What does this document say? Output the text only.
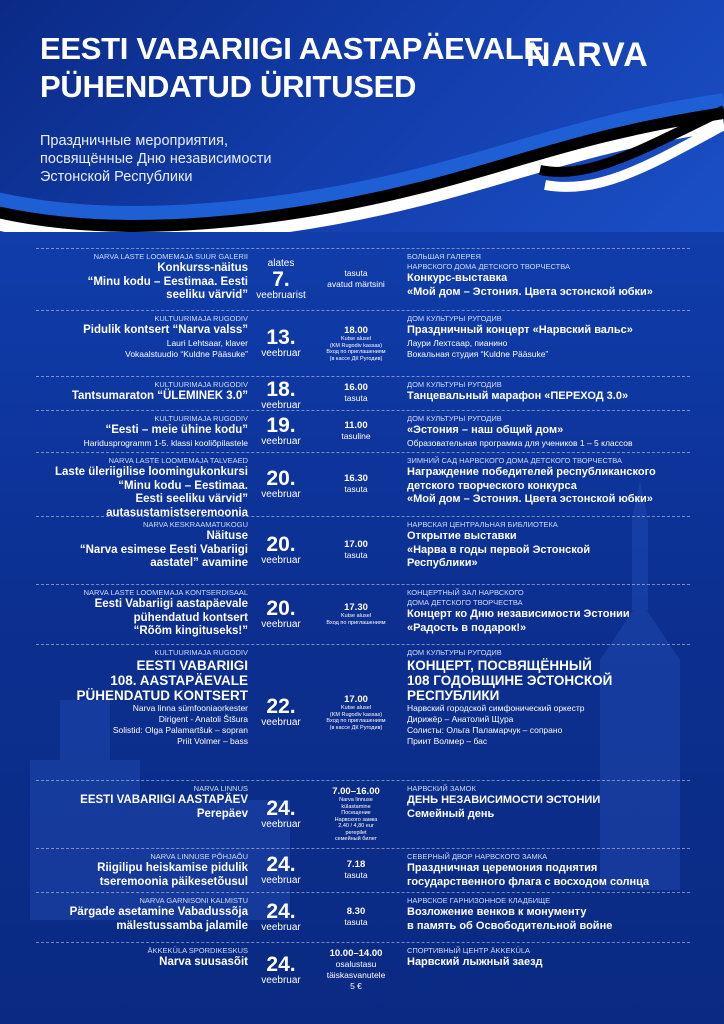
EESTI VABARIIGI AASTAPÄEVALE
PÜHENDATUD ÜRITUSED
Праздничные мероприятия,
посвящённые Дню независимости
Эстонской Республики
NARVA
NARVA LASTE LOOMEMAJA SUUR GALERII
Konkurss-näitus
“Minu kodu – Eestimaa. Eesti
seeliku värvid”
alates
7.
veebruarist
tasuta
avatud märtsini
БОЛЬШАЯ ГАЛЕРЕЯ
НАРВСКОГО ДОМА ДЕТСКОГО ТВОРЧЕСТВА
Конкурс-выставка
«Мой дом – Эстония. Цвета эстонской юбки»
KULTUURIMAJA RUGODIV
Pidulik kontsert “Narva valss”
Lauri Lehtsaar, klaver
Vokaalstuudio “Kuldne Pääsuke”
13.
veebruar
18.00
Kutse alusel
(KM Rugodiv kassas)
Вход по приглашениям
(в кассе ДК Ругодив)
ДОМ КУЛЬТУРЫ РУГОДИВ
Праздничный концерт «Нарвский вальс»
Лаури Лехтсаар, пианино
Вокальная студия “Kuldne Pääsuke”
KULTUURIMAJA RUGODIV
Tantsumaraton “ÜLEMINEK 3.0” 18.
veebruar
16.00
tasuta
ДОМ КУЛЬТУРЫ РУГОДИВ
Танцевальный марафон «ПЕРЕХОД 3.0»
KULTUURIMAJA RUGODIV
“Eesti – meie ühine kodu”
Haridusprogramm 1-5. klassi kooliõpilastele
19.
veebruar
11.00
tasuline
ДОМ КУЛЬТУРЫ РУГОДИВ
«Эстония – наш общий дом»
Образовательная программа для учеников 1 – 5 классов
NARVA LASTE LOOMEMAJA TALVEAED
Laste üleriigilise loomingukonkursi
“Minu kodu – Eestimaa.
Eesti seeliku värvid”
autasustamistseremoonia
20.
veebruar
16.30
tasuta
ЗИМНИЙ САД НАРВСКОГО ДОМА ДЕТСКОГО ТВОРЧЕСТВА
Награждение победителей республиканского
детского творческого конкурса
«Мой дом – Эстония. Цвета эстонской юбки»
NARVA KESKRAAMATUKOGU
Näituse
“Narva esimese Eesti Vabariigi
aastatel” avamine
20.
veebruar
17.00
tasuta
НАРВСКАЯ ЦЕНТРАЛЬНАЯ БИБЛИОТЕКА
Открытие выставки
«Нарва в годы первой Эстонской
Республики»
NARVA LASTE LOOMEMAJA KONTSERDISAAL
Eesti Vabariigi aastapäevale
pühendatud kontsert
“Rõõm kingituseks!”
20.
veebruar
17.30
Kutse alusel
Вход по приглашениям
КОНЦЕРТНЫЙ ЗАЛ НАРВСКОГО
ДОМА ДЕТСКОГО ТВОРЧЕСТВА
Концерт ко Дню независимости Эстонии
«Радость в подарок!»
KULTUURIMAJA RUGODIV
EESTI VABARIIGI
108. AASTAPÄEVALE
PÜHENDATUD KONTSERT
Narva linna sümfooniaorkester
Dirigent - Anatoli Štšura
Solistid: Olga Palamartšuk – sopran
Priit Volmer – bass
22.
veebruar
17.00
Kutse alusel
(KM Rugodiv kassas)
Вход по приглашениям
(в кассе ДК Ругодив)
ДОМ КУЛЬТУРЫ РУГОДИВ
КОНЦЕРТ, ПОСВЯЩЁННЫЙ
108 ГОДОВЩИНЕ ЭСТОНСКОЙ
РЕСПУБЛИКИ
Нарвский городской симфонический оркестр
Дирижёр – Анатолий Щура
Солисты: Ольга Паламарчук – сопрано
Приит Волмер – бас
NARVA LINNUS
EESTI VABARIIGI AASTAPÄEV
Perepäev 24.
veebruar
7.00–16.00
Narva linnuse
külastamine
Посещение
Нарвского замка
2,40 / 4,80 eur
perepilet
семейный билет
НАРВСКИЙ ЗАМОК
ДЕНЬ НЕЗАВИСИМОСТИ ЭСТОНИИ
Семейный день
NARVA LINNUSE PÕHJAÕU
Riigilipu heiskamise pidulik
tseremoonia päikesetõusul
24.
veebruar
7.18
tasuta
СЕВЕРНЫЙ ДВОР НАРВСКОГО ЗАМКА
Праздничная церемония поднятия
государственного флага с восходом солнца
NARVA GARNISONI KALMISTU
Pärgade asetamine Vabadussõja
mälestussamba jalamile
24.
veebruar
8.30
tasuta
НАРВСКОЕ ГАРНИЗОННОЕ КЛАДБИЩЕ
Возложение венков к монументу
в память об Освободительной войне
ÄKKEKÜLA SPORDIKESKUS
Narva suusasõit 24.
veebruar
10.00–14.00
osalustasu
täiskasvanutele
5 €
СПОРТИВНЫЙ ЦЕНТР ÄKKEKÜLA
Нарвский лыжный заезд
